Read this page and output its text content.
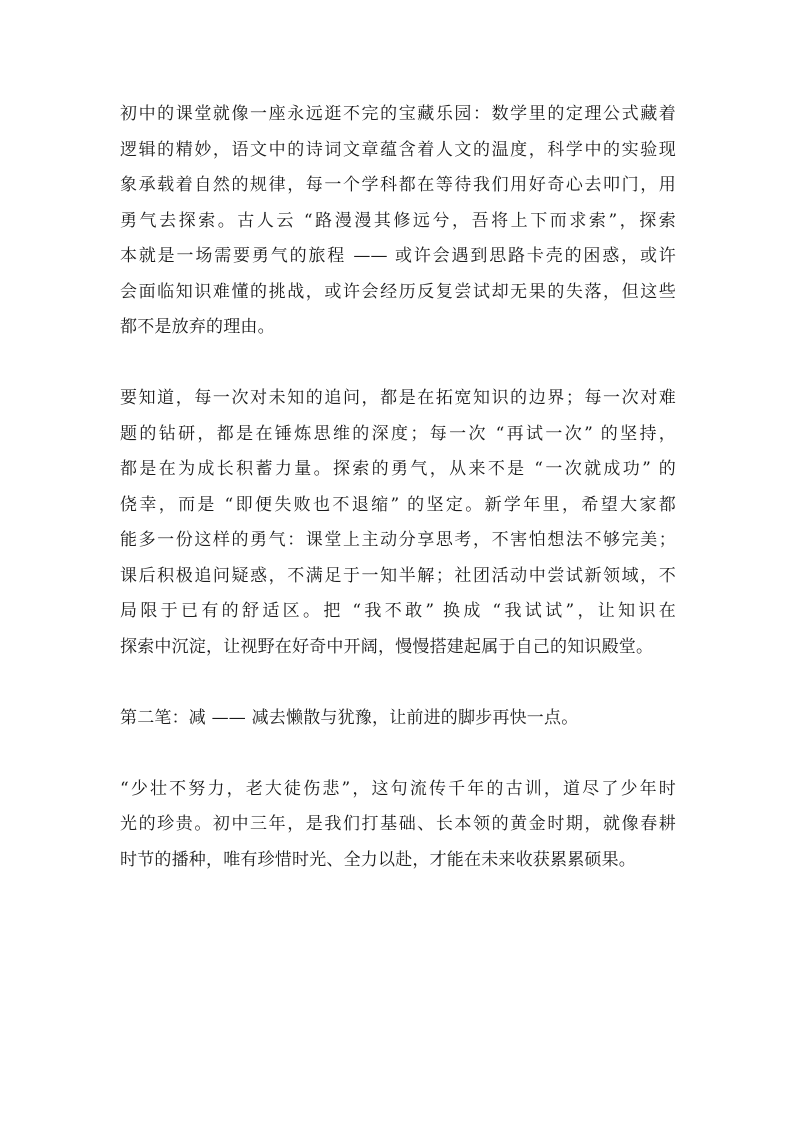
初中的课堂就像一座永远逛不完的宝藏乐园：数学里的定理公式藏着
逻辑的精妙，语文中的诗词文章蕴含着人文的温度，科学中的实验现
象承载着自然的规律，每一个学科都在等待我们用好奇心去叩门，用
勇气去探索。古人云 “路漫漫其修远兮，吾将上下而求索”，探索
本就是一场需要勇气的旅程 —— 或许会遇到思路卡壳的困惑，或许
会面临知识难懂的挑战，或许会经历反复尝试却无果的失落，但这些
都不是放弃的理由。

要知道，每一次对未知的追问，都是在拓宽知识的边界；每一次对难
题的钻研，都是在锤炼思维的深度；每一次 “再试一次” 的坚持，
都是在为成长积蓄力量。探索的勇气，从来不是 “一次就成功” 的
侥幸，而是 “即便失败也不退缩” 的坚定。新学年里，希望大家都
能多一份这样的勇气：课堂上主动分享思考，不害怕想法不够完美；
课后积极追问疑惑，不满足于一知半解；社团活动中尝试新领域，不
局限于已有的舒适区。把 “我不敢” 换成 “我试试”，让知识在
探索中沉淀，让视野在好奇中开阔，慢慢搭建起属于自己的知识殿堂。

第二笔：减 —— 减去懒散与犹豫，让前进的脚步再快一点。

“少壮不努力，老大徒伤悲”，这句流传千年的古训，道尽了少年时
光的珍贵。初中三年，是我们打基础、长本领的黄金时期，就像春耕
时节的播种，唯有珍惜时光、全力以赴，才能在未来收获累累硕果。
